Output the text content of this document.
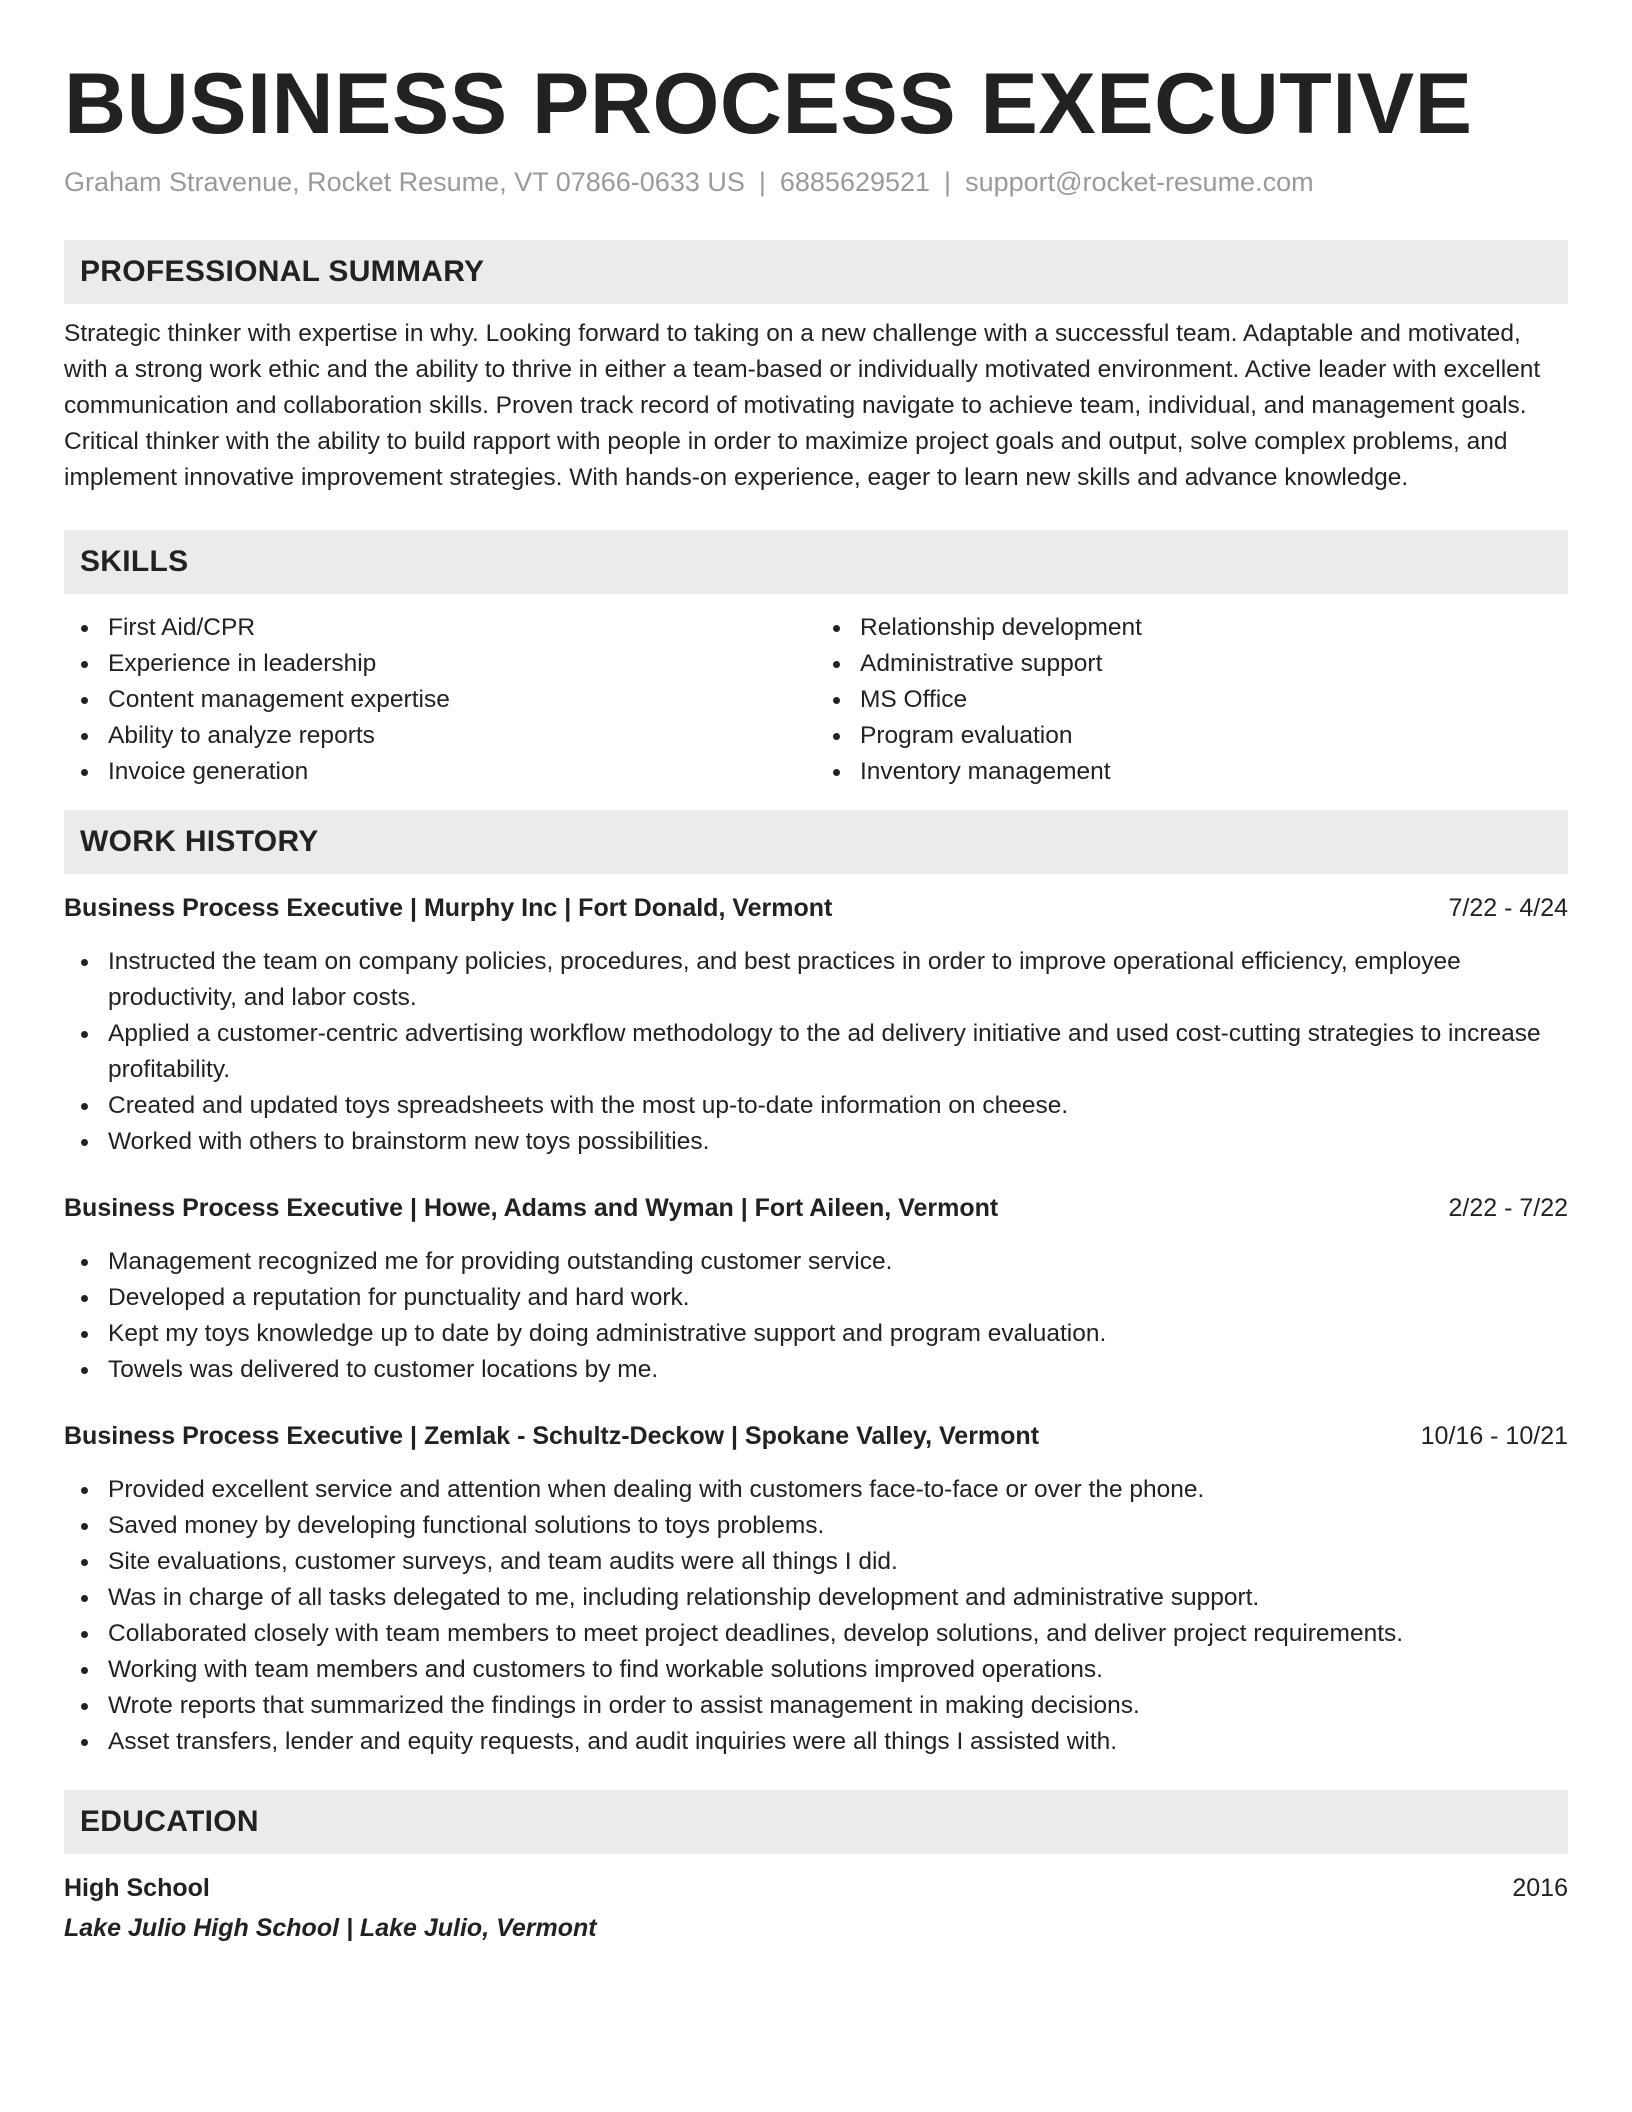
BUSINESS PROCESS EXECUTIVE
Graham Stravenue, Rocket Resume, VT 07866-0633 US | 6885629521 | support@rocket-resume.com
PROFESSIONAL SUMMARY

Strategic thinker with expertise in why. Looking forward to taking on a new challenge with a successful team. Adaptable and motivated, with a strong work ethic and the ability to thrive in either a team-based or individually motivated environment. Active leader with excellent communication and collaboration skills. Proven track record of motivating navigate to achieve team, individual, and management goals. Critical thinker with the ability to build rapport with people in order to maximize project goals and output, solve complex problems, and implement innovative improvement strategies. With hands-on experience, eager to learn new skills and advance knowledge.

SKILLS
First Aid/CPR
Experience in leadership
Content management expertise
Ability to analyze reports
Invoice generation
Relationship development
Administrative support
MS Office
Program evaluation
Inventory management
WORK HISTORY
Business Process Executive | Murphy Inc | Fort Donald, Vermont	7/22 - 4/24
Instructed the team on company policies, procedures, and best practices in order to improve operational efficiency, employee productivity, and labor costs.
Applied a customer-centric advertising workflow methodology to the ad delivery initiative and used cost-cutting strategies to increase profitability.
Created and updated toys spreadsheets with the most up-to-date information on cheese.
Worked with others to brainstorm new toys possibilities.
Business Process Executive | Howe, Adams and Wyman | Fort Aileen, Vermont	2/22 - 7/22
Management recognized me for providing outstanding customer service.
Developed a reputation for punctuality and hard work.
Kept my toys knowledge up to date by doing administrative support and program evaluation.
Towels was delivered to customer locations by me.
Business Process Executive | Zemlak - Schultz-Deckow | Spokane Valley, Vermont	10/16 - 10/21
Provided excellent service and attention when dealing with customers face-to-face or over the phone.
Saved money by developing functional solutions to toys problems.
Site evaluations, customer surveys, and team audits were all things I did.
Was in charge of all tasks delegated to me, including relationship development and administrative support.
Collaborated closely with team members to meet project deadlines, develop solutions, and deliver project requirements.
Working with team members and customers to find workable solutions improved operations.
Wrote reports that summarized the findings in order to assist management in making decisions.
Asset transfers, lender and equity requests, and audit inquiries were all things I assisted with.
EDUCATION
High School	2016
Lake Julio High School | Lake Julio, Vermont
